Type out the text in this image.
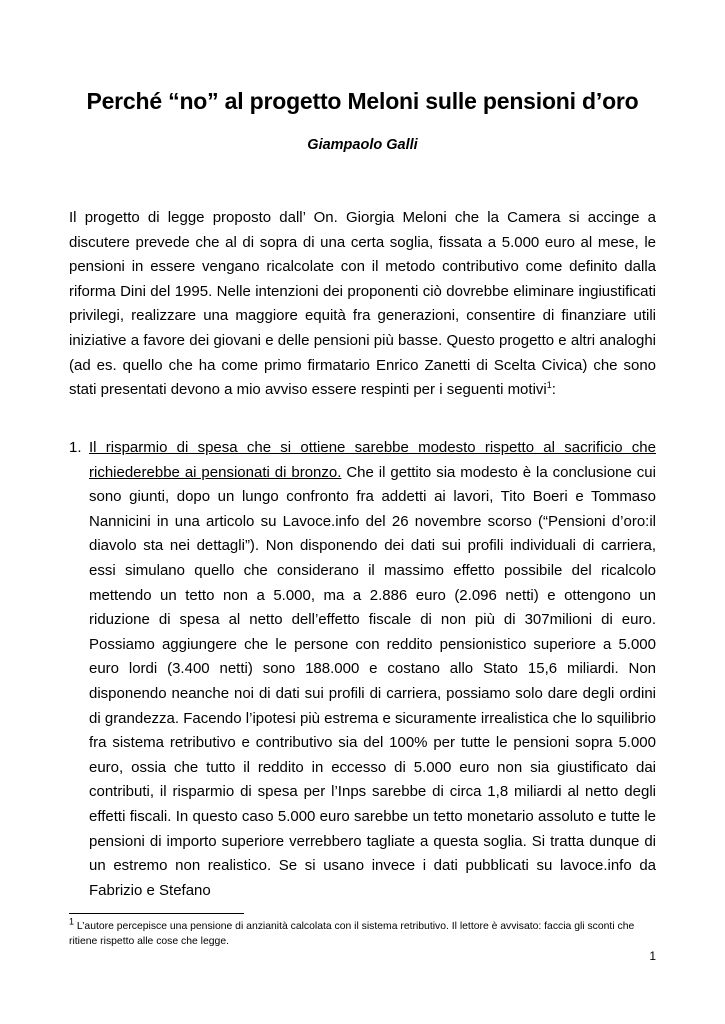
Perché “no” al progetto Meloni sulle pensioni d’oro

Giampaolo Galli

Il progetto di legge proposto dall’ On. Giorgia Meloni che la Camera si accinge a discutere prevede che al di sopra di una certa soglia, fissata a 5.000 euro al mese, le pensioni in essere vengano ricalcolate con il metodo contributivo come definito dalla riforma Dini del 1995. Nelle intenzioni dei proponenti ciò dovrebbe eliminare ingiustificati privilegi, realizzare una maggiore equità fra generazioni, consentire di finanziare utili iniziative a favore dei giovani e delle pensioni più basse. Questo progetto e altri analoghi (ad es. quello che ha come primo firmatario Enrico Zanetti di Scelta Civica) che sono stati presentati devono a mio avviso essere respinti per i seguenti motivi$^1$:

1. Il risparmio di spesa che si ottiene sarebbe modesto rispetto al sacrificio che richiederebbe ai pensionati di bronzo. Che il gettito sia modesto è la conclusione cui sono giunti, dopo un lungo confronto fra addetti ai lavori, Tito Boeri e Tommaso Nannicini in una articolo su Lavoce.info del 26 novembre scorso (“Pensioni d’oro:il diavolo sta nei dettagli”). Non disponendo dei dati sui profili individuali di carriera, essi simulano quello che considerano il massimo effetto possibile del ricalcolo mettendo un tetto non a 5.000, ma a 2.886 euro (2.096 netti) e ottengono un riduzione di spesa al netto dell’effetto fiscale di non più di 307milioni di euro. Possiamo aggiungere che le persone con reddito pensionistico superiore a 5.000 euro lordi (3.400 netti) sono 188.000 e costano allo Stato 15,6 miliardi. Non disponendo neanche noi di dati sui profili di carriera, possiamo solo dare degli ordini di grandezza. Facendo l’ipotesi più estrema e sicuramente irrealistica che lo squilibrio fra sistema retributivo e contributivo sia del 100% per tutte le pensioni sopra 5.000 euro, ossia che tutto il reddito in eccesso di 5.000 euro non sia giustificato dai contributi, il risparmio di spesa per l’Inps sarebbe di circa 1,8 miliardi al netto degli effetti fiscali. In questo caso 5.000 euro sarebbe un tetto monetario assoluto e tutte le pensioni di importo superiore verrebbero tagliate a questa soglia. Si tratta dunque di un estremo non realistico. Se si usano invece i dati pubblicati su lavoce.info da Fabrizio e Stefano

$^1$ L’autore percepisce una pensione di anzianità calcolata con il sistema retributivo. Il lettore è avvisato: faccia gli sconti che ritiene rispetto alle cose che legge.

1
